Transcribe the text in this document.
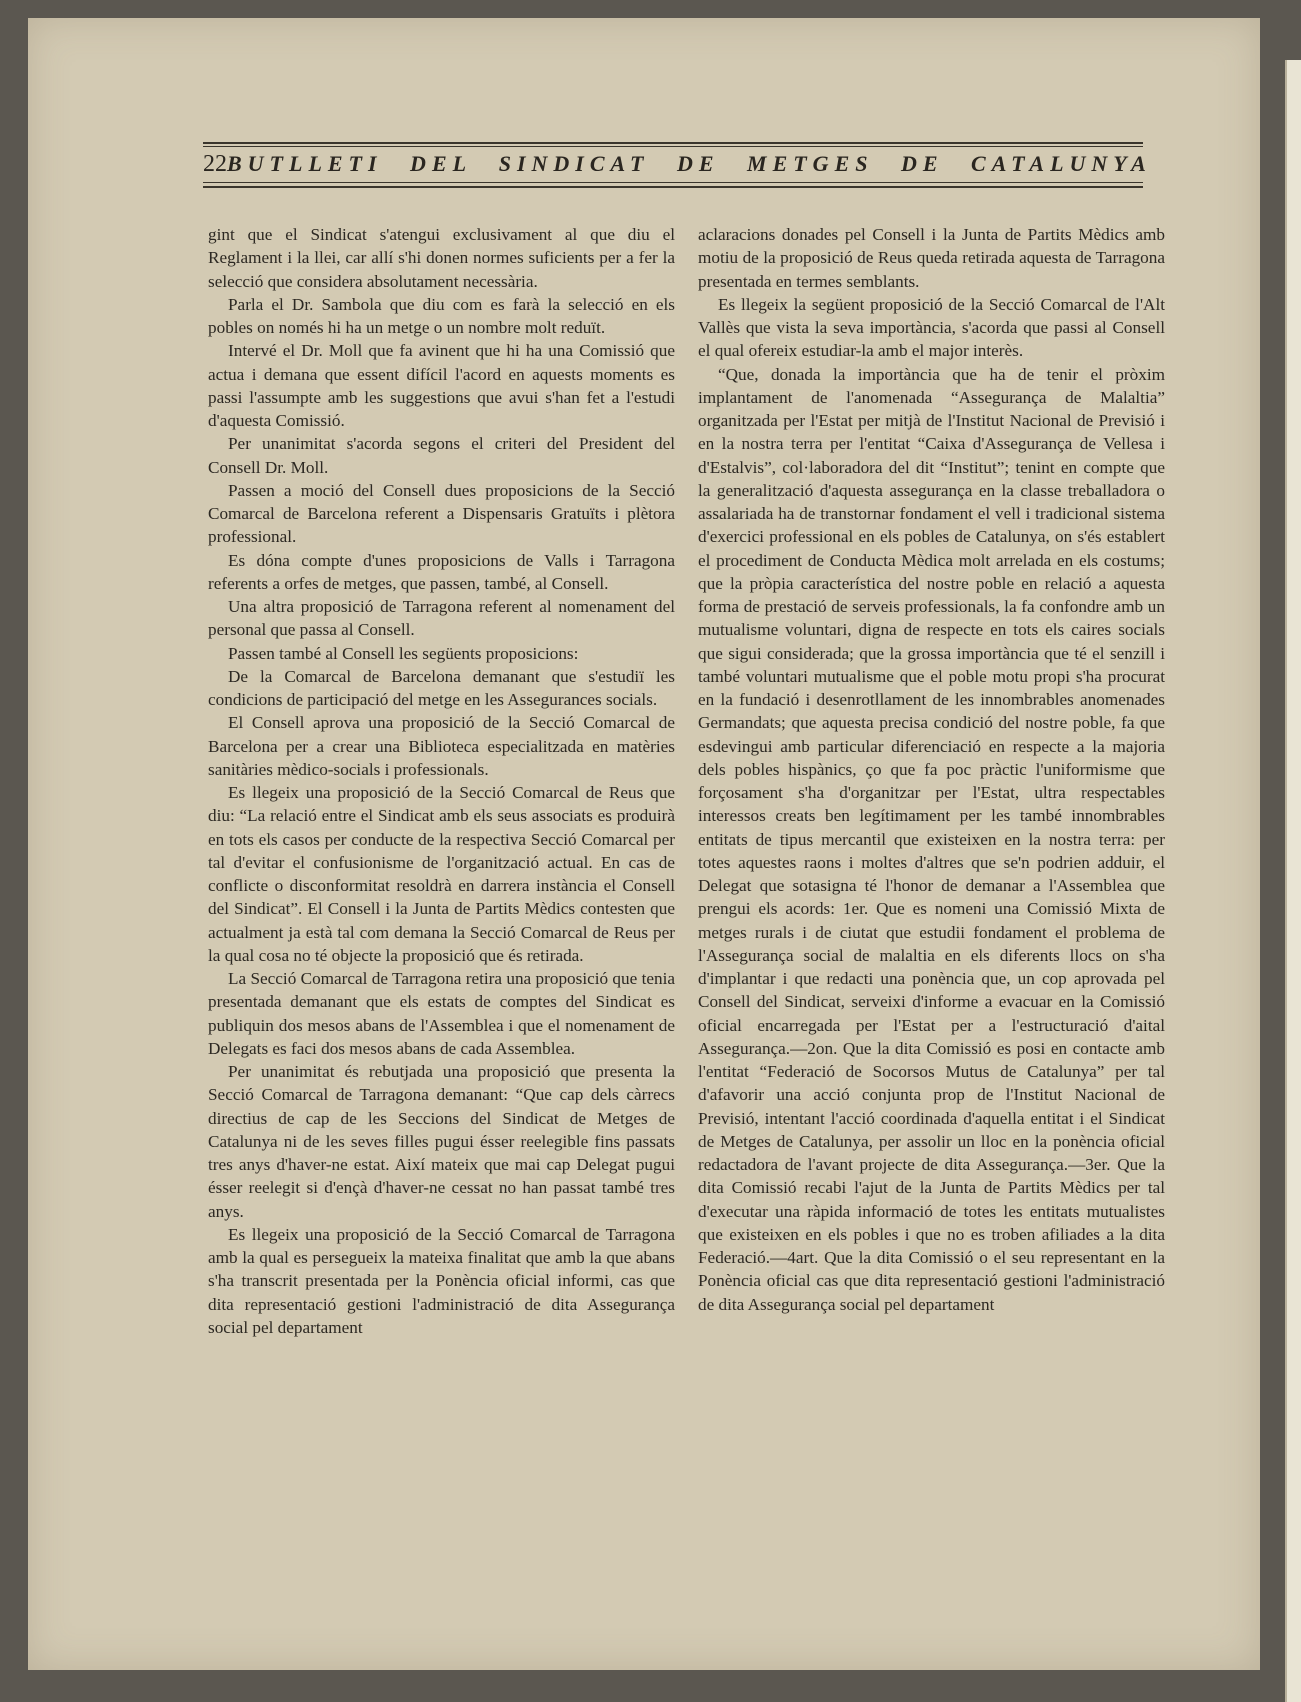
22 BUTLLETI DEL SINDICAT DE METGES DE CATALUNYA

gint que el Sindicat s'atengui exclusivament al que diu el Reglament i la llei, car allí s'hi donen normes suficients per a fer la selecció que considera absolutament necessària.

Parla el Dr. Sambola que diu com es farà la selecció en els pobles on només hi ha un metge o un nombre molt reduït.

Intervé el Dr. Moll que fa avinent que hi ha una Comissió que actua i demana que essent difícil l'acord en aquests moments es passi l'assumpte amb les suggestions que avui s'han fet a l'estudi d'aquesta Comissió.

Per unanimitat s'acorda segons el criteri del President del Consell Dr. Moll.

Passen a moció del Consell dues proposicions de la Secció Comarcal de Barcelona referent a Dispensaris Gratuïts i plètora professional.

Es dóna compte d'unes proposicions de Valls i Tarragona referents a orfes de metges, que passen, també, al Consell.

Una altra proposició de Tarragona referent al nomenament del personal que passa al Consell.

Passen també al Consell les següents proposicions:

De la Comarcal de Barcelona demanant que s'estudiï les condicions de participació del metge en les Assegurances socials.

El Consell aprova una proposició de la Secció Comarcal de Barcelona per a crear una Biblioteca especialitzada en matèries sanitàries mèdico-socials i professionals.

Es llegeix una proposició de la Secció Comarcal de Reus que diu: “La relació entre el Sindicat amb els seus associats es produirà en tots els casos per conducte de la respectiva Secció Comarcal per tal d'evitar el confusionisme de l'organització actual. En cas de conflicte o disconformitat resoldrà en darrera instància el Consell del Sindicat”. El Consell i la Junta de Partits Mèdics contesten que actualment ja està tal com demana la Secció Comarcal de Reus per la qual cosa no té objecte la proposició que és retirada.

La Secció Comarcal de Tarragona retira una proposició que tenia presentada demanant que els estats de comptes del Sindicat es publiquin dos mesos abans de l'Assemblea i que el nomenament de Delegats es faci dos mesos abans de cada Assemblea.

Per unanimitat és rebutjada una proposició que presenta la Secció Comarcal de Tarragona demanant: “Que cap dels càrrecs directius de cap de les Seccions del Sindicat de Metges de Catalunya ni de les seves filles pugui ésser reelegible fins passats tres anys d'haver-ne estat. Així mateix que mai cap Delegat pugui ésser reelegit si d'ençà d'haver-ne cessat no han passat també tres anys.

Es llegeix una proposició de la Secció Comarcal de Tarragona amb la qual es persegueix la mateixa finalitat que amb la que abans s'ha transcrit presentada per la Ponència oficial informi, cas que dita representació gestioni l'administració de dita Assegurança social pel departament

aclaracions donades pel Consell i la Junta de Partits Mèdics amb motiu de la proposició de Reus queda retirada aquesta de Tarragona presentada en termes semblants.

Es llegeix la següent proposició de la Secció Comarcal de l'Alt Vallès que vista la seva importància, s'acorda que passi al Consell el qual ofereix estudiar-la amb el major interès.

“Que, donada la importància que ha de tenir el pròxim implantament de l'anomenada “Assegurança de Malaltia” organitzada per l'Estat per mitjà de l'Institut Nacional de Previsió i en la nostra terra per l'entitat “Caixa d'Assegurança de Vellesa i d'Estalvis”, col·laboradora del dit “Institut”; tenint en compte que la generalització d'aquesta assegurança en la classe treballadora o assalariada ha de transtornar fondament el vell i tradicional sistema d'exercici professional en els pobles de Catalunya, on s'és establert el procediment de Conducta Mèdica molt arrelada en els costums; que la pròpia característica del nostre poble en relació a aquesta forma de prestació de serveis professionals, la fa confondre amb un mutualisme voluntari, digna de respecte en tots els caires socials que sigui considerada; que la grossa importància que té el senzill i també voluntari mutualisme que el poble motu propi s'ha procurat en la fundació i desenrotllament de les innombrables anomenades Germandats; que aquesta precisa condició del nostre poble, fa que esdevingui amb particular diferenciació en respecte a la majoria dels pobles hispànics, ço que fa poc pràctic l'uniformisme que forçosament s'ha d'organitzar per l'Estat, ultra respectables interessos creats ben legítimament per les també innombrables entitats de tipus mercantil que existeixen en la nostra terra: per totes aquestes raons i moltes d'altres que se'n podrien adduir, el Delegat que sotasigna té l'honor de demanar a l'Assemblea que prengui els acords: 1er. Que es nomeni una Comissió Mixta de metges rurals i de ciutat que estudii fondament el problema de l'Assegurança social de malaltia en els diferents llocs on s'ha d'implantar i que redacti una ponència que, un cop aprovada pel Consell del Sindicat, serveixi d'informe a evacuar en la Comissió oficial encarregada per l'Estat per a l'estructuració d'aital Assegurança.—2on. Que la dita Comissió es posi en contacte amb l'entitat “Federació de Socorsos Mutus de Catalunya” per tal d'afavorir una acció conjunta prop de l'Institut Nacional de Previsió, intentant l'acció coordinada d'aquella entitat i el Sindicat de Metges de Catalunya, per assolir un lloc en la ponència oficial redactadora de l'avant projecte de dita Assegurança.—3er. Que la dita Comissió recabi l'ajut de la Junta de Partits Mèdics per tal d'executar una ràpida informació de totes les entitats mutualistes que existeixen en els pobles i que no es troben afiliades a la dita Federació.—4art. Que la dita Comissió o el seu representant en la Ponència oficial cas que dita representació gestioni l'administració de dita Assegurança social pel departament
